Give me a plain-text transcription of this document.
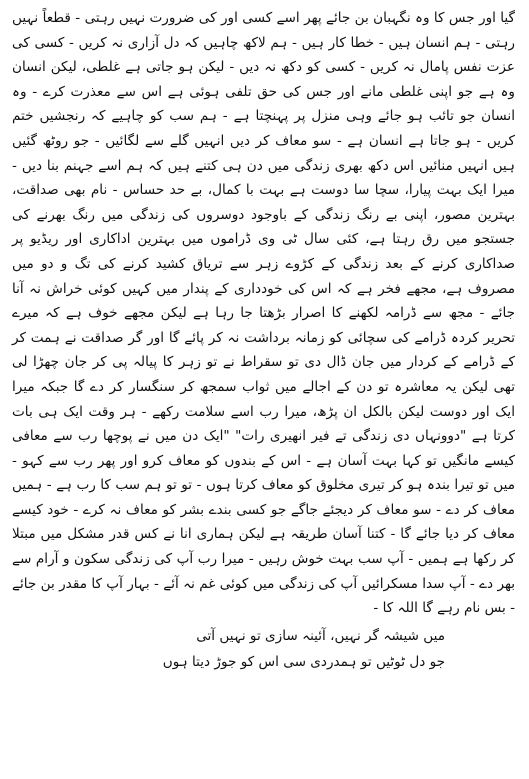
گیا اور جس کا وہ نگہبان بن جائے پھر اسے کسی اور کی ضرورت نہیں رہتی - قطعاً نہیں رہتی - ہم انسان ہیں - خطا کار ہیں - ہم لاکھ چاہیں کہ دل آزاری نہ کریں - کسی کی عزت نفس پامال نہ کریں - کسی کو دکھ نہ دیں - لیکن ہو جاتی ہے غلطی، لیکن انسان وہ ہے جو اپنی غلطی مانے اور جس کی حق تلفی ہوئی ہے اس سے معذرت کرے - وہ انسان جو تائب ہو جائے وہی منزل پر پہنچتا ہے - ہم سب کو چاہیے کہ رنجشیں ختم کریں - ہو جاتا ہے انسان ہے - سو معاف کر دیں انہیں گلے سے لگائیں - جو روٹھ گئیں ہیں انہیں منائیں اس دکھ بھری زندگی میں دن ہی کتنے ہیں کہ ہم اسے جہنم بنا دیں - میرا ایک بہت پیارا، سچا سا دوست ہے بہت با کمال، بے حد حساس - نام بھی صداقت، بہترین مصور، اپنی بے رنگ زندگی کے باوجود دوسروں کی زندگی میں رنگ بھرنے کی جستجو میں رق رہتا ہے، کئی سال ٹی وی ڈراموں میں بہترین اداکاری اور ریڈیو پر صداکاری کرنے کے بعد زندگی کے کڑوے زہر سے تریاق کشید کرنے کی تگ و دو میں مصروف ہے، مجھے فخر ہے کہ اس کی خودداری کے پندار میں کہیں کوئی خراش نہ آنا جائے - مجھ سے ڈرامہ لکھنے کا اصرار بڑھتا جا رہا ہے لیکن مجھے خوف ہے کہ میرے تحریر کردہ ڈرامے کی سچائی کو زمانہ برداشت نہ کر پائے گا اور گر صداقت نے ہمت کر کے ڈرامے کے کردار میں جان ڈال دی تو سقراط نے تو زہر کا پیالہ پی کر جان چھڑا لی تھی لیکن یہ معاشرہ تو دن کے اجالے میں ثواب سمجھ کر سنگسار کر دے گا جبکہ میرا ایک اور دوست لیکن بالکل ان پڑھ، میرا رب اسے سلامت رکھے - ہر وقت ایک ہی بات کرتا ہے "دوونہاں دی زندگی تے فیر انھیری رات" "ایک دن میں نے پوچھا رب سے معافی کیسے مانگیں تو کہا بہت آسان ہے - اس کے بندوں کو معاف کرو اور پھر رب سے کہو - میں تو تیرا بندہ ہو کر تیری مخلوق کو معاف کرتا ہوں - تو تو ہم سب کا رب ہے - ہمیں معاف کر دے - سو معاف کر دیجئے جاگے جو کسی بندے بشر کو معاف نہ کرے - خود کیسے معاف کر دیا جائے گا - کتنا آسان طریقہ ہے لیکن ہماری انا نے کس قدر مشکل میں مبتلا کر رکھا ہے ہمیں - آپ سب بہت خوش رہیں - میرا رب آپ کی زندگی سکون و آرام سے بھر دے - آپ سدا مسکرائیں آپ کی زندگی میں کوئی غم نہ آئے - بہار آپ کا مقدر بن جائے - بس نام رہے گا اللہ کا -

میں شیشہ گر نہیں، آئینہ سازی تو نہیں آتی
جو دل ٹوٹیں تو ہمدردی سی اس کو جوڑ دیتا ہوں
